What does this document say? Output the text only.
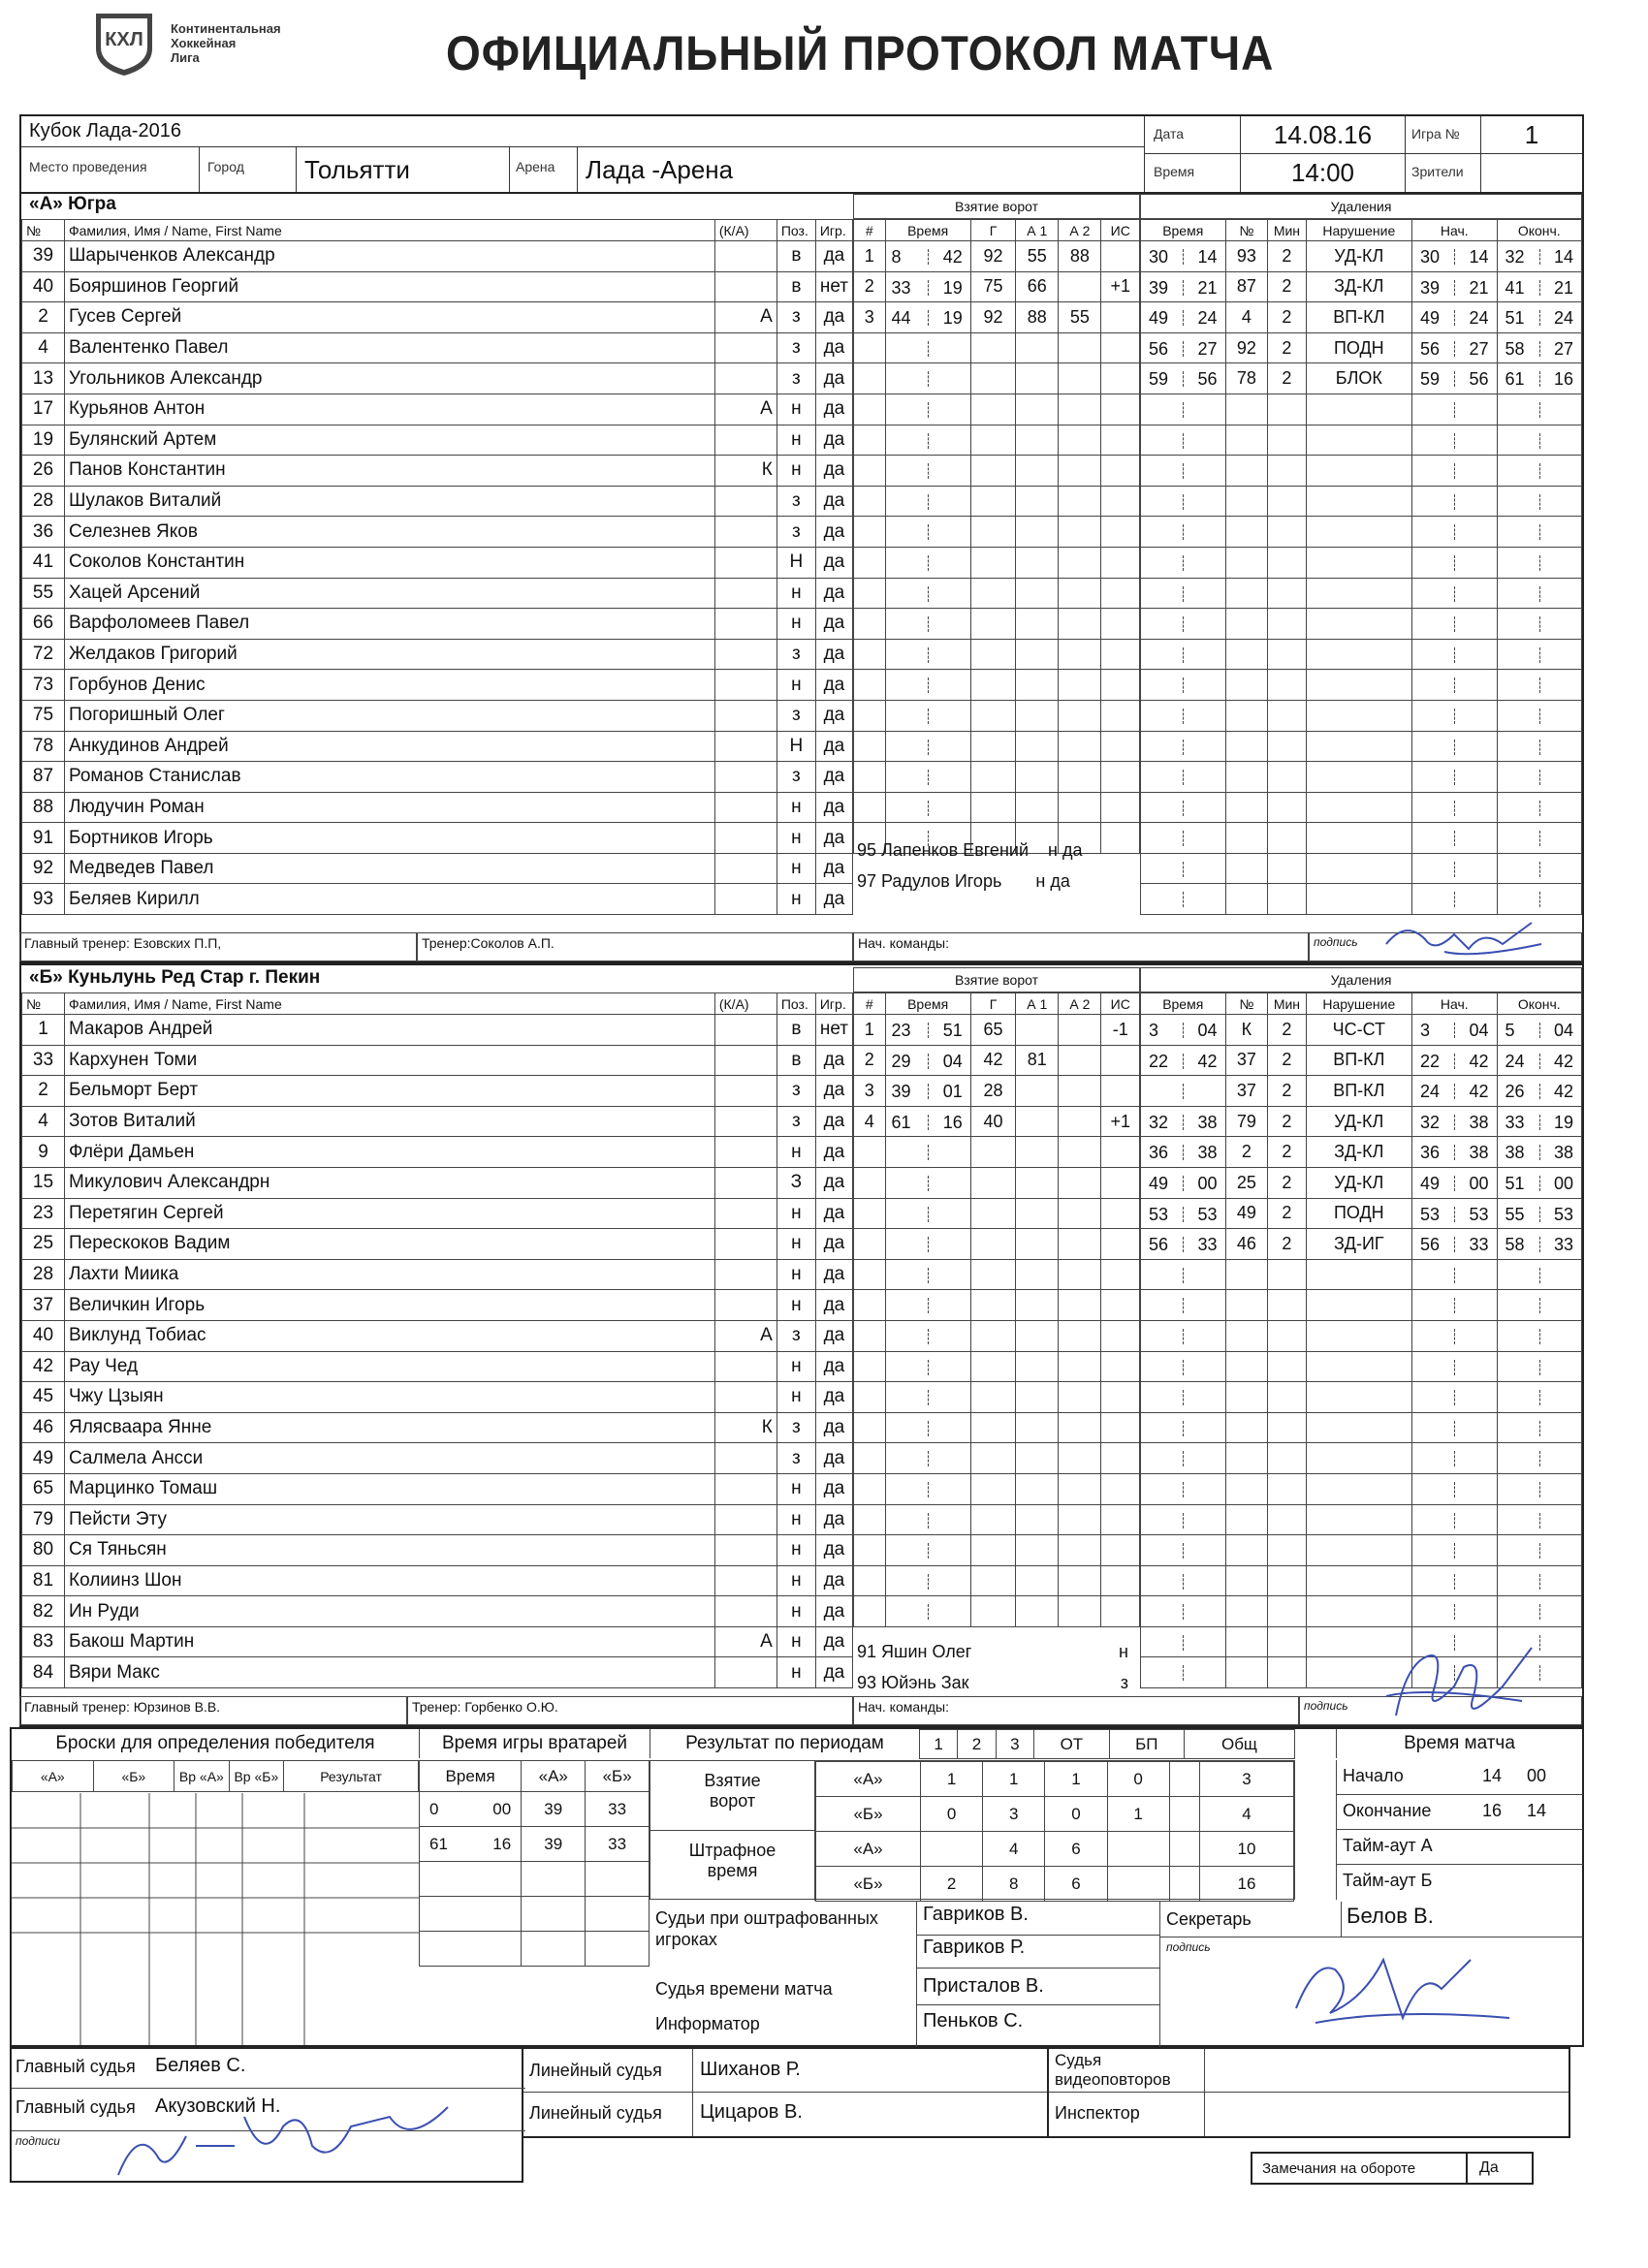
КХЛ
Континентальная
Хоккейная
Лига	ОФИЦИАЛЬНЫЙ ПРОТОКОЛ МАТЧА
Кубок Лада-2016
Место проведения	Город	Тольятти	Арена	Лада -Арена
Дата	14.08.16	Игра №	1
Время	14:00	Зрители
«А» Югра
№	Фамилия, Имя / Name, First Name	(К/А)	Поз.	Игр.
39	Шарыченков Александр		в	да
40	Бояршинов Георгий		в	нет
2	Гусев Сергей	А	з	да
4	Валентенко Павел		з	да
13	Угольников Александр		з	да
17	Курьянов Антон	А	н	да
19	Булянский Артем		н	да
26	Панов Константин	К	н	да
28	Шулаков Виталий		з	да
36	Селезнев Яков		з	да
41	Соколов Константин		Н	да
55	Хацей Арсений		н	да
66	Варфоломеев Павел		н	да
72	Желдаков Григорий		з	да
73	Горбунов Денис		н	да
75	Погоришный Олег		з	да
78	Анкудинов Андрей		Н	да
87	Романов Станислав		з	да
88	Людучин Роман		н	да
91	Бортников Игорь		н	да
92	Медведев Павел		н	да
93	Беляев Кирилл		н	да
Взятие ворот
#	Время	Г	А 1	А 2	ИС
1	8 42	92	55	88	
2	33 19	75	66		+1
3	44 19	92	88	55	

Удаления
Время	№	Мин	Нарушение	Нач.	Оконч.

30 14	93	2	УД-КЛ	30 14	32 14

39 21	87	2	ЗД-КЛ	39 21	41 21

49 24	4	2	ВП-КЛ	49 24	51 24

56 27	92	2	ПОДН	56 27	58 27

59 56	78	2	БЛОК	59 56	61 16

95 Лапенков Евгений н да
97 Радулов Игорь н да
Главный тренер: Езовских П.П,	Тренер:Соколов А.П.	Нач. команды:	подпись
«Б» Куньлунь Ред Стар г. Пекин
№	Фамилия, Имя / Name, First Name	(К/А)	Поз.	Игр.
1	Макаров Андрей		в	нет
33	Кархунен Томи		в	да
2	Бельморт Берт		з	да
4	Зотов Виталий		з	да
9	Флёри Дамьен		н	да
15	Микулович Александрн		З	да
23	Перетягин Сергей		н	да
25	Перескоков Вадим		н	да
28	Лахти Миика		н	да
37	Величкин Игорь		н	да
40	Виклунд Тобиас	А	з	да
42	Рау Чед		н	да
45	Чжу Цзыян		н	да
46	Ялясваара Янне	К	з	да
49	Салмела Ансси		з	да
65	Марцинко Томаш		н	да
79	Пейсти Эту		н	да
80	Ся Тяньсян		н	да
81	Колиинз Шон		н	да
82	Ин Руди		н	да
83	Бакош Мартин	А	н	да
84	Вяри Макс		н	да
Взятие ворот
#	Время	Г	А 1	А 2	ИС
1	23 51	65			-1
2	29 04	42	81		
3	39 01	28			
4	61 16	40			+1

Удаления
Время	№	Мин	Нарушение	Нач.	Оконч.

3 04	К	2	ЧС-СТ	3 04	5 04

22 42	37	2	ВП-КЛ	22 42	24 42

	37	2	ВП-КЛ	24 42	26 42

32 38	79	2	УД-КЛ	32 38	33 19

36 38	2	2	ЗД-КЛ	36 38	38 38

49 00	25	2	УД-КЛ	49 00	51 00

53 53	49	2	ПОДН	53 53	55 53

56 33	46	2	ЗД-ИГ	56 33	58 33

91 Яшин Олег	н
93 Юйэнь Зак	з
Главный тренер: Юрзинов В.В.	Тренер: Горбенко О.Ю.	Нач. команды:	подпись
Броски для определения победителя
«А»	«Б»	Вр «А»	Вр «Б»	Результат
Время игры вратарей
Время	«А»	«Б»

0 00	39	33

61 16	39	33

Результат по периодам	1	2	3	ОТ	БП	Общ
Взятие ворот
Штрафное время
«А»	1	1	1	0		3
«Б»	0	3	0	1		4
«А»		4	6			10
«Б»	2	8	6			16
Время матча
Начало	14 00
Окончание	16 14
Тайм-аут А
Тайм-аут Б
Судьи при оштрафованных игроках
Судья времени матча
Информатор
Гавриков В.
Гавриков Р.
Присталов В.
Пеньков С.
Секретарь	Белов В.
подпись
Главный судья Беляев С.
Главный судья Акузовский Н.
подписи
Линейный судья Шиханов Р.
Линейный судья Цицаров В.
Судья видеоповторов
Инспектор
Замечания на обороте	Да
